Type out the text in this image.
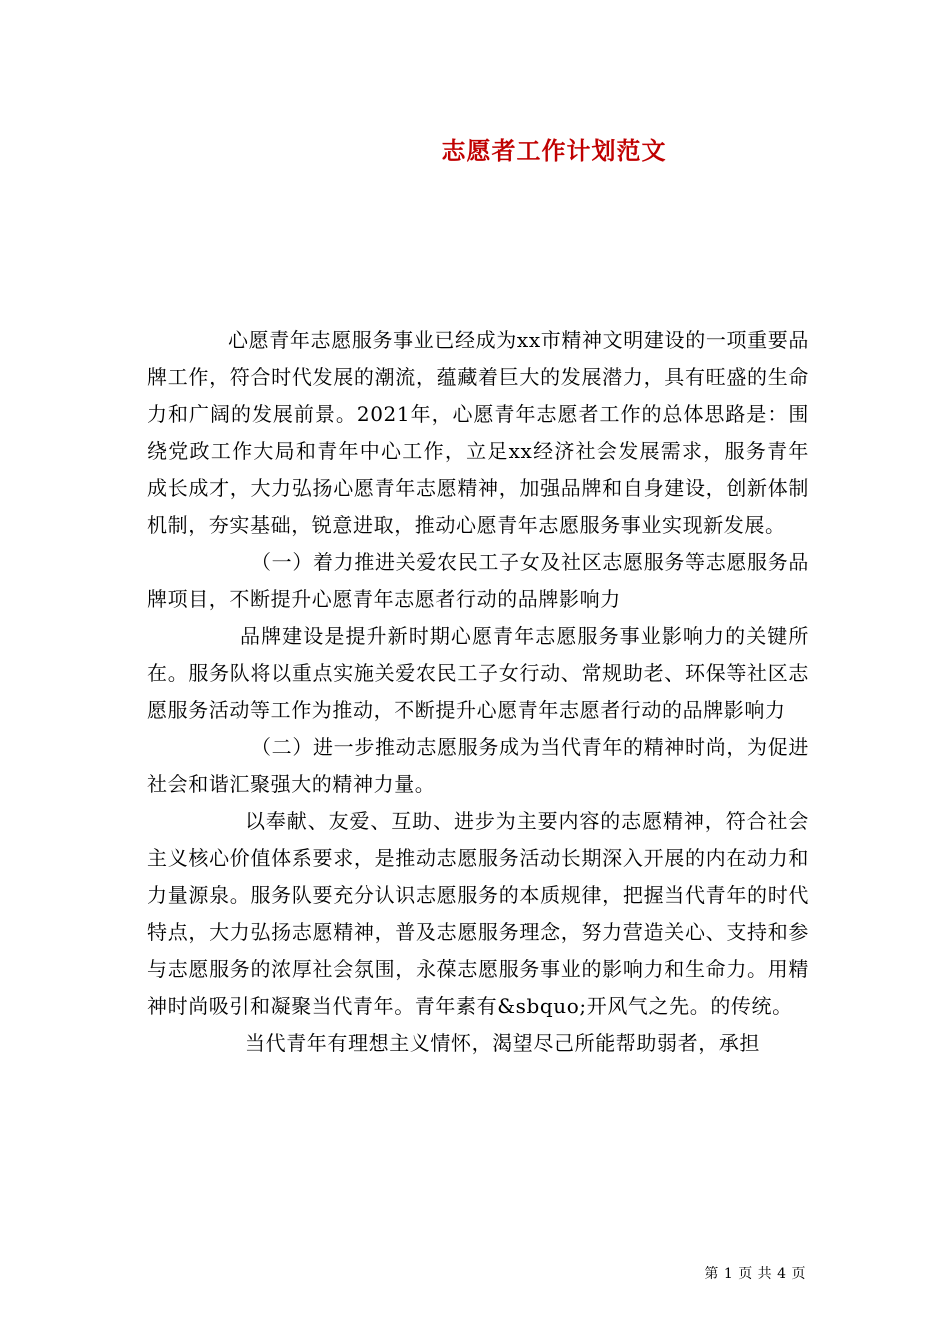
志愿者工作计划范文

心愿青年志愿服务事业已经成为xx市精神文明建设的一项重要品牌工作，符合时代发展的潮流，蕴藏着巨大的发展潜力，具有旺盛的生命力和广阔的发展前景。2021年，心愿青年志愿者工作的总体思路是：围绕党政工作大局和青年中心工作，立足xx经济社会发展需求，服务青年成长成才，大力弘扬心愿青年志愿精神，加强品牌和自身建设，创新体制机制，夯实基础，锐意进取，推动心愿青年志愿服务事业实现新发展。

（一）着力推进关爱农民工子女及社区志愿服务等志愿服务品牌项目，不断提升心愿青年志愿者行动的品牌影响力

品牌建设是提升新时期心愿青年志愿服务事业影响力的关键所在。服务队将以重点实施关爱农民工子女行动、常规助老、环保等社区志愿服务活动等工作为推动，不断提升心愿青年志愿者行动的品牌影响力

（二）进一步推动志愿服务成为当代青年的精神时尚，为促进社会和谐汇聚强大的精神力量。

以奉献、友爱、互助、进步为主要内容的志愿精神，符合社会主义核心价值体系要求，是推动志愿服务活动长期深入开展的内在动力和力量源泉。服务队要充分认识志愿服务的本质规律，把握当代青年的时代特点，大力弘扬志愿精神，普及志愿服务理念，努力营造关心、支持和参与志愿服务的浓厚社会氛围，永葆志愿服务事业的影响力和生命力。用精神时尚吸引和凝聚当代青年。青年素有&sbquo;开风气之先。的传统。

当代青年有理想主义情怀，渴望尽己所能帮助弱者，承担

第 1 页 共 4 页
